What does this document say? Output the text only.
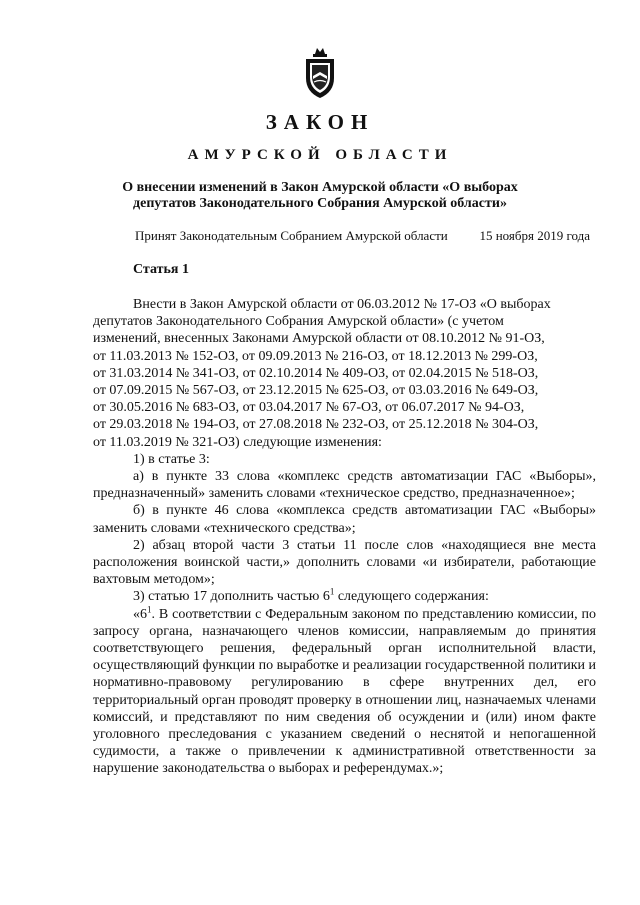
ЗАКОН
АМУРСКОЙ ОБЛАСТИ
О внесении изменений в Закон Амурской области «О выборах депутатов Законодательного Собрания Амурской области»
Принят Законодательным Собранием Амурской области 15 ноября 2019 года
Статья 1
Внести в Закон Амурской области от 06.03.2012 № 17-ОЗ «О выборах
депутатов Законодательного Собрания Амурской области» (с учетом
изменений, внесенных Законами Амурской области от 08.10.2012 № 91-ОЗ,
от 11.03.2013 № 152-ОЗ, от 09.09.2013 № 216-ОЗ, от 18.12.2013 № 299-ОЗ,
от 31.03.2014 № 341-ОЗ, от 02.10.2014 № 409-ОЗ, от 02.04.2015 № 518-ОЗ,
от 07.09.2015 № 567-ОЗ, от 23.12.2015 № 625-ОЗ, от 03.03.2016 № 649-ОЗ,
от 30.05.2016 № 683-ОЗ, от 03.04.2017 № 67-ОЗ, от 06.07.2017 № 94-ОЗ,
от 29.03.2018 № 194-ОЗ, от 27.08.2018 № 232-ОЗ, от 25.12.2018 № 304-ОЗ,
от 11.03.2019 № 321-ОЗ) следующие изменения:

1) в статье 3:

а) в пункте 33 слова «комплекс средств автоматизации ГАС «Выборы», предназначенный» заменить словами «техническое средство, предназначенное»;

б) в пункте 46 слова «комплекса средств автоматизации ГАС «Выборы» заменить словами «технического средства»;

2) абзац второй части 3 статьи 11 после слов «находящиеся вне места расположения воинской части,» дополнить словами «и избиратели, работающие вахтовым методом»;

3) статью 17 дополнить частью $6^1$ следующего содержания:

«$6^1$. В соответствии с Федеральным законом по представлению комиссии, по запросу органа, назначающего членов комиссии, направляемым до принятия соответствующего решения, федеральный орган исполнительной власти, осуществляющий функции по выработке и реализации государственной политики и нормативно-правовому регулированию в сфере внутренних дел, его территориальный орган проводят проверку в отношении лиц, назначаемых членами комиссий, и представляют по ним сведения об осуждении и (или) ином факте уголовного преследования с указанием сведений о неснятой и непогашенной судимости, а также о привлечении к административной ответственности за нарушение законодательства о выборах и референдумах.»;
